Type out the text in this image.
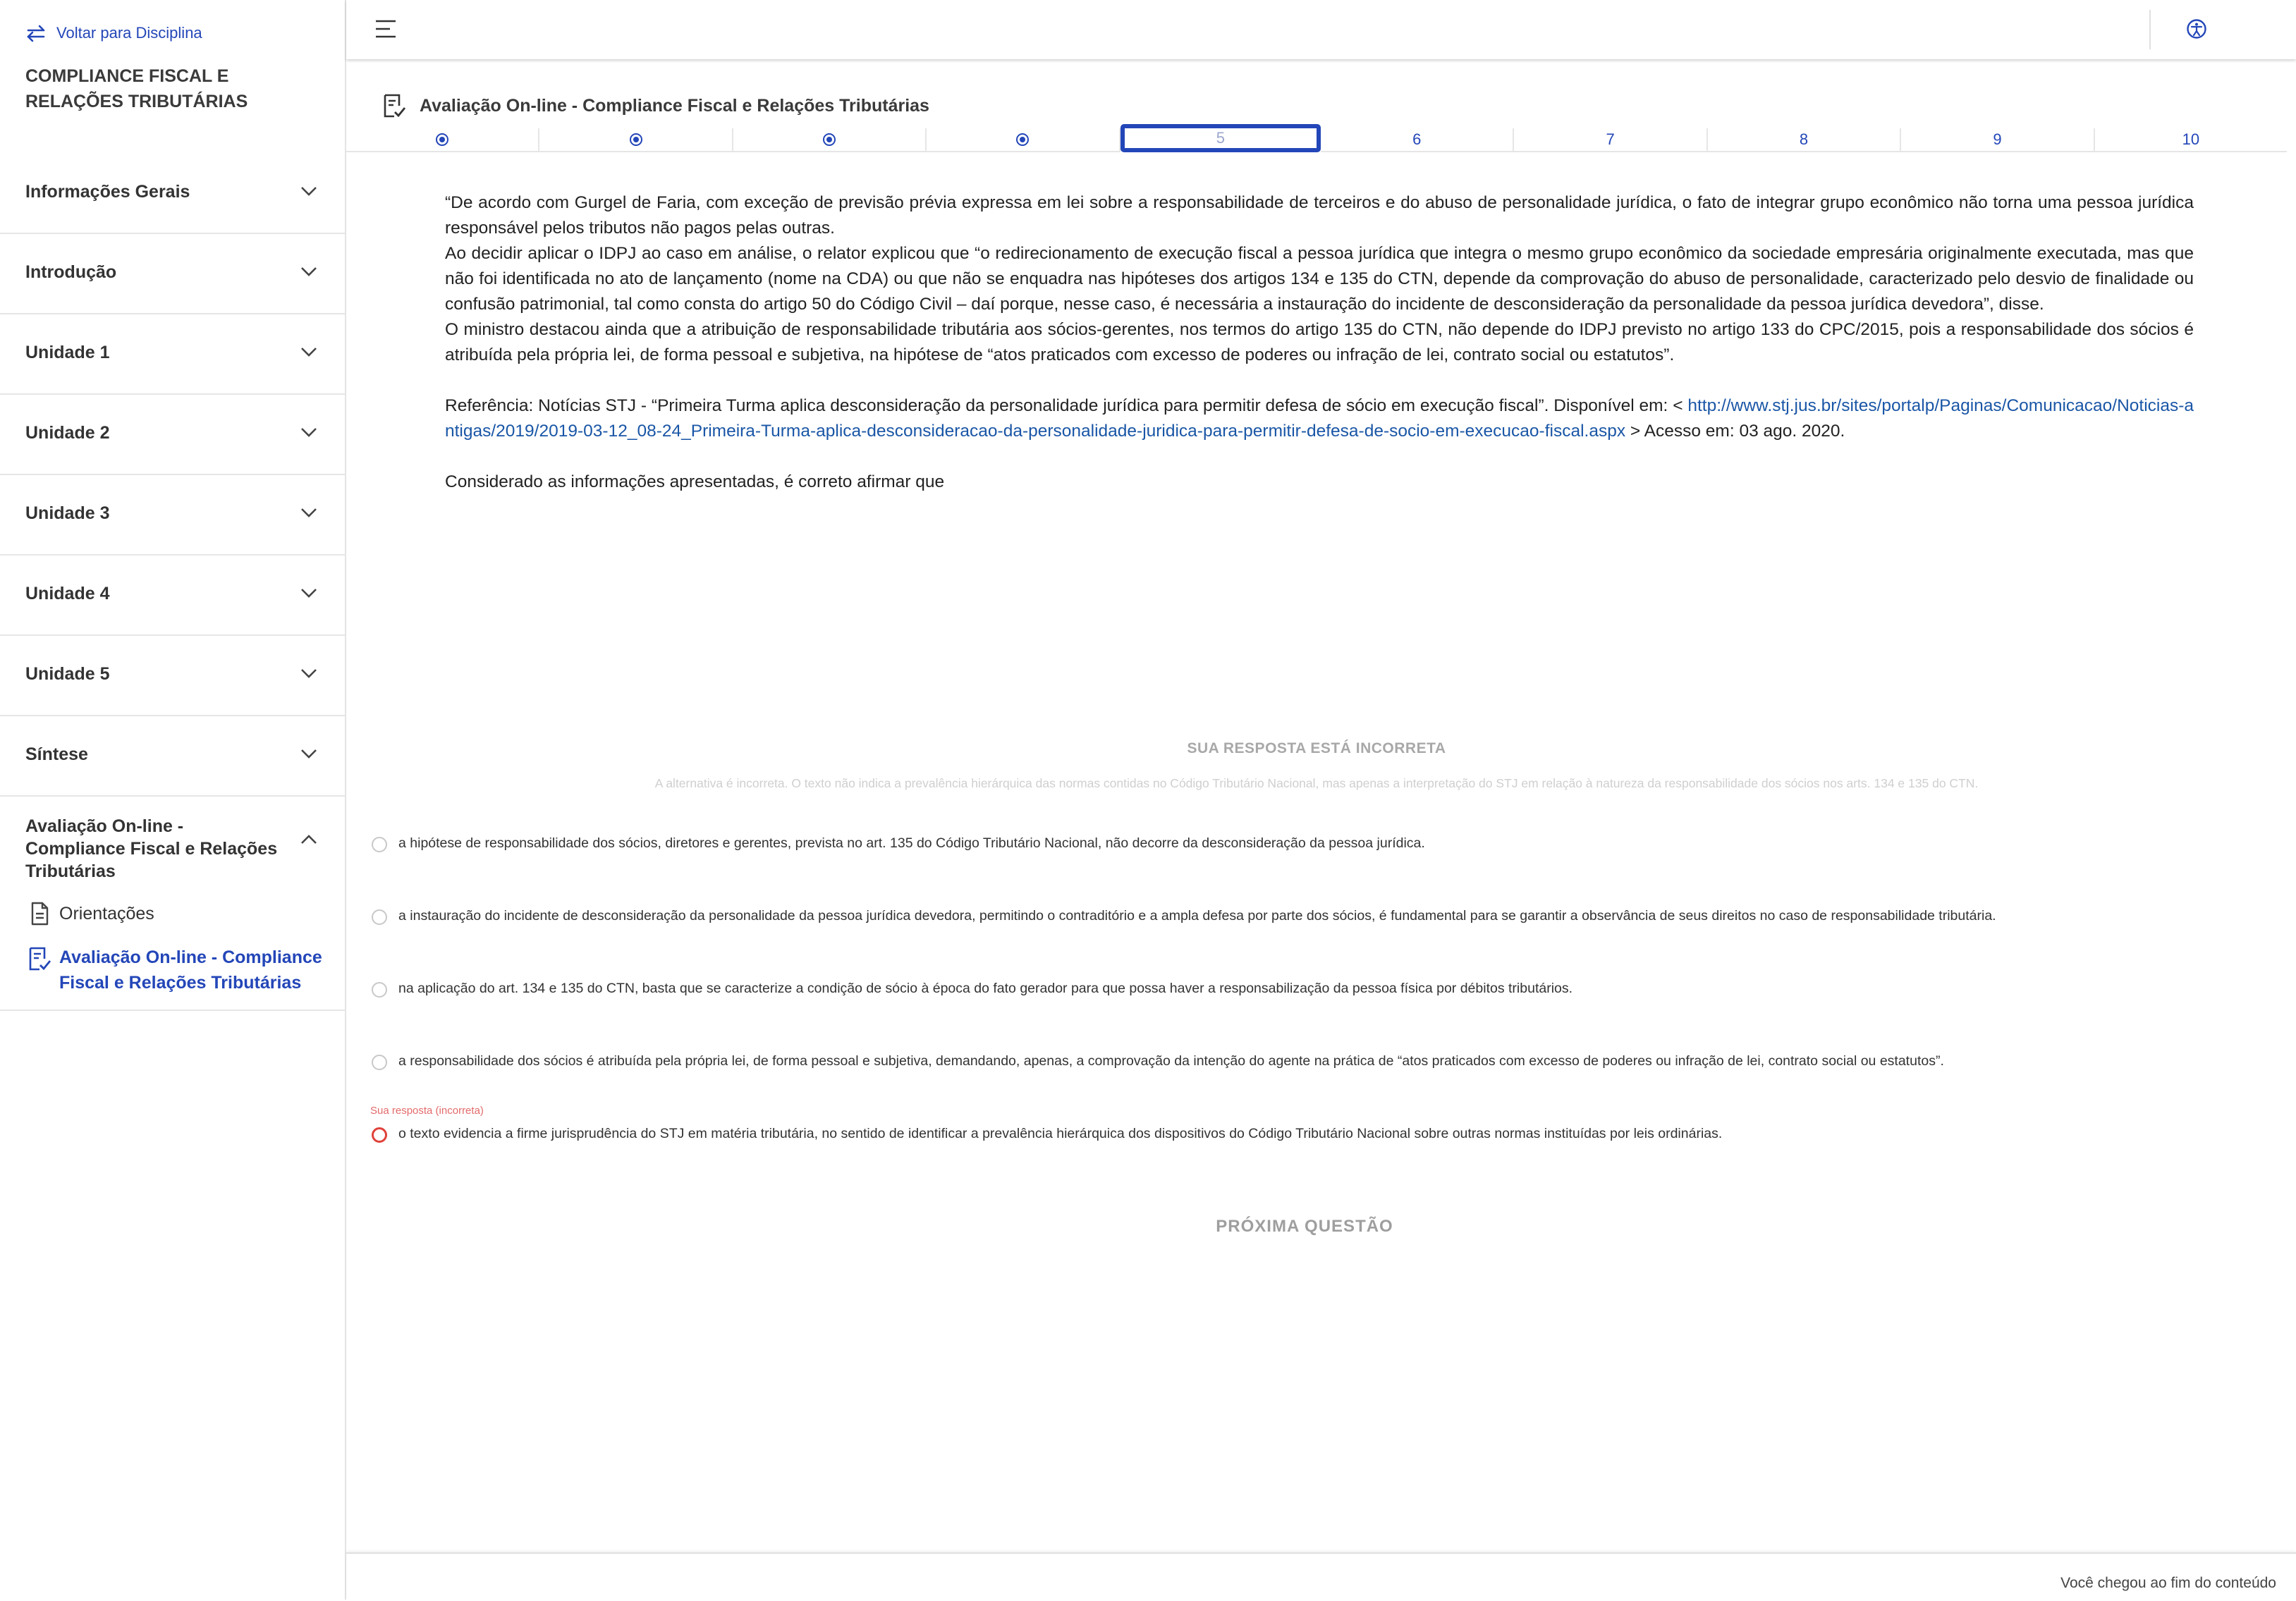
Voltar para Disciplina
COMPLIANCE FISCAL E RELAÇÕES TRIBUTÁRIAS
Informações Gerais
Introdução
Unidade 1
Unidade 2
Unidade 3
Unidade 4
Unidade 5
Síntese
Avaliação On-line - Compliance Fiscal e Relações Tributárias
Orientações
Avaliação On-line - Compliance Fiscal e Relações Tributárias
Avaliação On-line - Compliance Fiscal e Relações Tributárias
5	6	7	8	9	10

“De acordo com Gurgel de Faria, com exceção de previsão prévia expressa em lei sobre a responsabilidade de terceiros e do abuso de personalidade jurídica, o fato de integrar grupo econômico não torna uma pessoa jurídica responsável pelos tributos não pagos pelas outras.

Ao decidir aplicar o IDPJ ao caso em análise, o relator explicou que “o redirecionamento de execução fiscal a pessoa jurídica que integra o mesmo grupo econômico da sociedade empresária originalmente executada, mas que não foi identificada no ato de lançamento (nome na CDA) ou que não se enquadra nas hipóteses dos artigos 134 e 135 do CTN, depende da comprovação do abuso de personalidade, caracterizado pelo desvio de finalidade ou confusão patrimonial, tal como consta do artigo 50 do Código Civil – daí porque, nesse caso, é necessária a instauração do incidente de desconsideração da personalidade da pessoa jurídica devedora”, disse.

O ministro destacou ainda que a atribuição de responsabilidade tributária aos sócios-gerentes, nos termos do artigo 135 do CTN, não depende do IDPJ previsto no artigo 133 do CPC/2015, pois a responsabilidade dos sócios é atribuída pela própria lei, de forma pessoal e subjetiva, na hipótese de “atos praticados com excesso de poderes ou infração de lei, contrato social ou estatutos”.

Referência: Notícias STJ - “Primeira Turma aplica desconsideração da personalidade jurídica para permitir defesa de sócio em execução fiscal”. Disponível em: < http://www.stj.jus.br/sites/portalp/Paginas/Comunicacao/Noticias-antigas/2019/2019-03-12_08-24_Primeira-Turma-aplica-desconsideracao-da-personalidade-juridica-para-permitir-defesa-de-socio-em-execucao-fiscal.aspx > Acesso em: 03 ago. 2020.

Considerado as informações apresentadas, é correto afirmar que

SUA RESPOSTA ESTÁ INCORRETA
A alternativa é incorreta. O texto não indica a prevalência hierárquica das normas contidas no Código Tributário Nacional, mas apenas a interpretação do STJ em relação à natureza da responsabilidade dos sócios nos arts. 134 e 135 do CTN.
a hipótese de responsabilidade dos sócios, diretores e gerentes, prevista no art. 135 do Código Tributário Nacional, não decorre da desconsideração da pessoa jurídica.
a instauração do incidente de desconsideração da personalidade da pessoa jurídica devedora, permitindo o contraditório e a ampla defesa por parte dos sócios, é fundamental para se garantir a observância de seus direitos no caso de responsabilidade tributária.
na aplicação do art. 134 e 135 do CTN, basta que se caracterize a condição de sócio à época do fato gerador para que possa haver a responsabilização da pessoa física por débitos tributários.
a responsabilidade dos sócios é atribuída pela própria lei, de forma pessoal e subjetiva, demandando, apenas, a comprovação da intenção do agente na prática de “atos praticados com excesso de poderes ou infração de lei, contrato social ou estatutos”.
Sua resposta (incorreta)
o texto evidencia a firme jurisprudência do STJ em matéria tributária, no sentido de identificar a prevalência hierárquica dos dispositivos do Código Tributário Nacional sobre outras normas instituídas por leis ordinárias.
PRÓXIMA QUESTÃO
Você chegou ao fim do conteúdo
